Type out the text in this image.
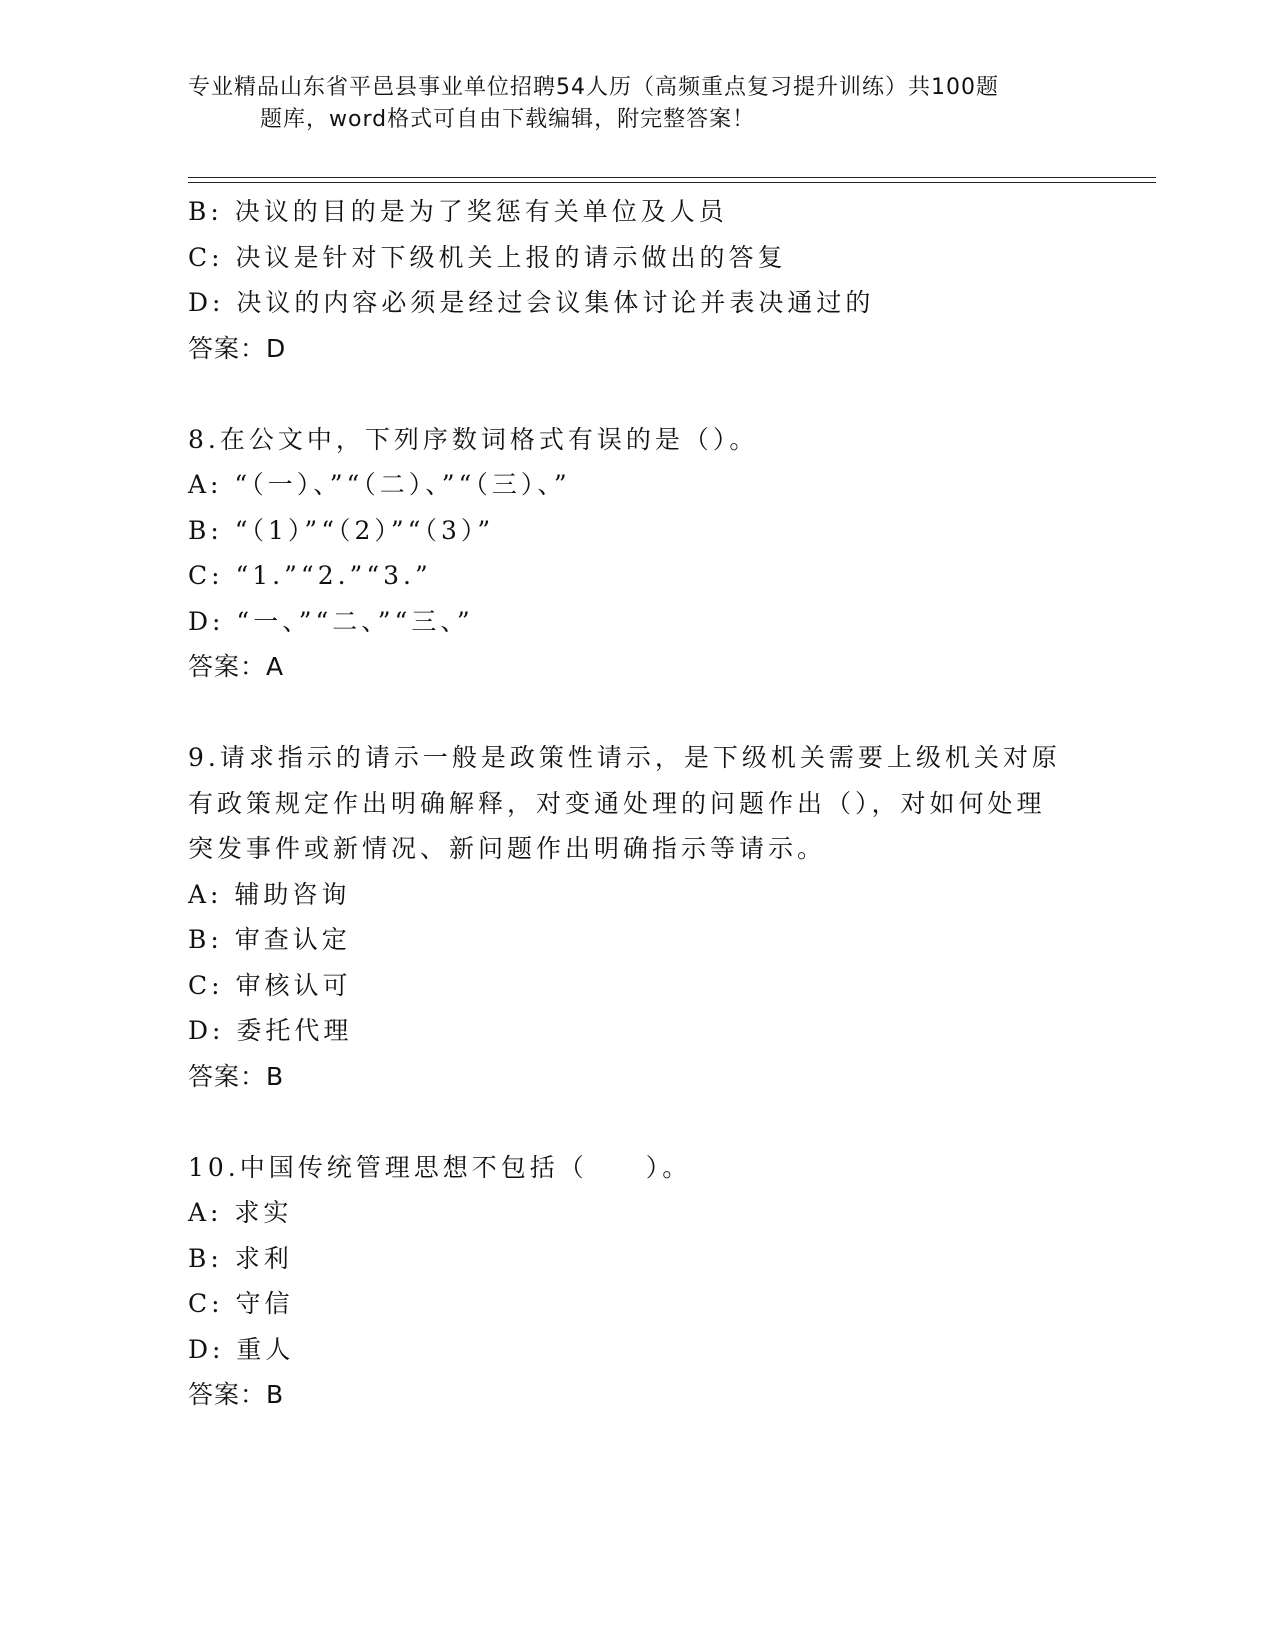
专业精品山东省平邑县事业单位招聘54人历（高频重点复习提升训练）共100题
题库，word格式可自由下载编辑，附完整答案！
B: 决议的目的是为了奖惩有关单位及人员
C: 决议是针对下级机关上报的请示做出的答复
D: 决议的内容必须是经过会议集体讨论并表决通过的
答案：D
8.在公文中，下列序数词格式有误的是（）。
A: “（一）、”“（二）、”“（三）、”
B: “（1）”“（2）”“（3）”
C: “1.”“2.”“3.”
D: “一、”“二、”“三、”
答案：A
9.请求指示的请示一般是政策性请示，是下级机关需要上级机关对原
有政策规定作出明确解释，对变通处理的问题作出（），对如何处理
突发事件或新情况、新问题作出明确指示等请示。
A: 辅助咨询
B: 审查认定
C: 审核认可
D: 委托代理
答案：B
10.中国传统管理思想不包括（　　）。
A: 求实
B: 求利
C: 守信
D: 重人
答案：B
